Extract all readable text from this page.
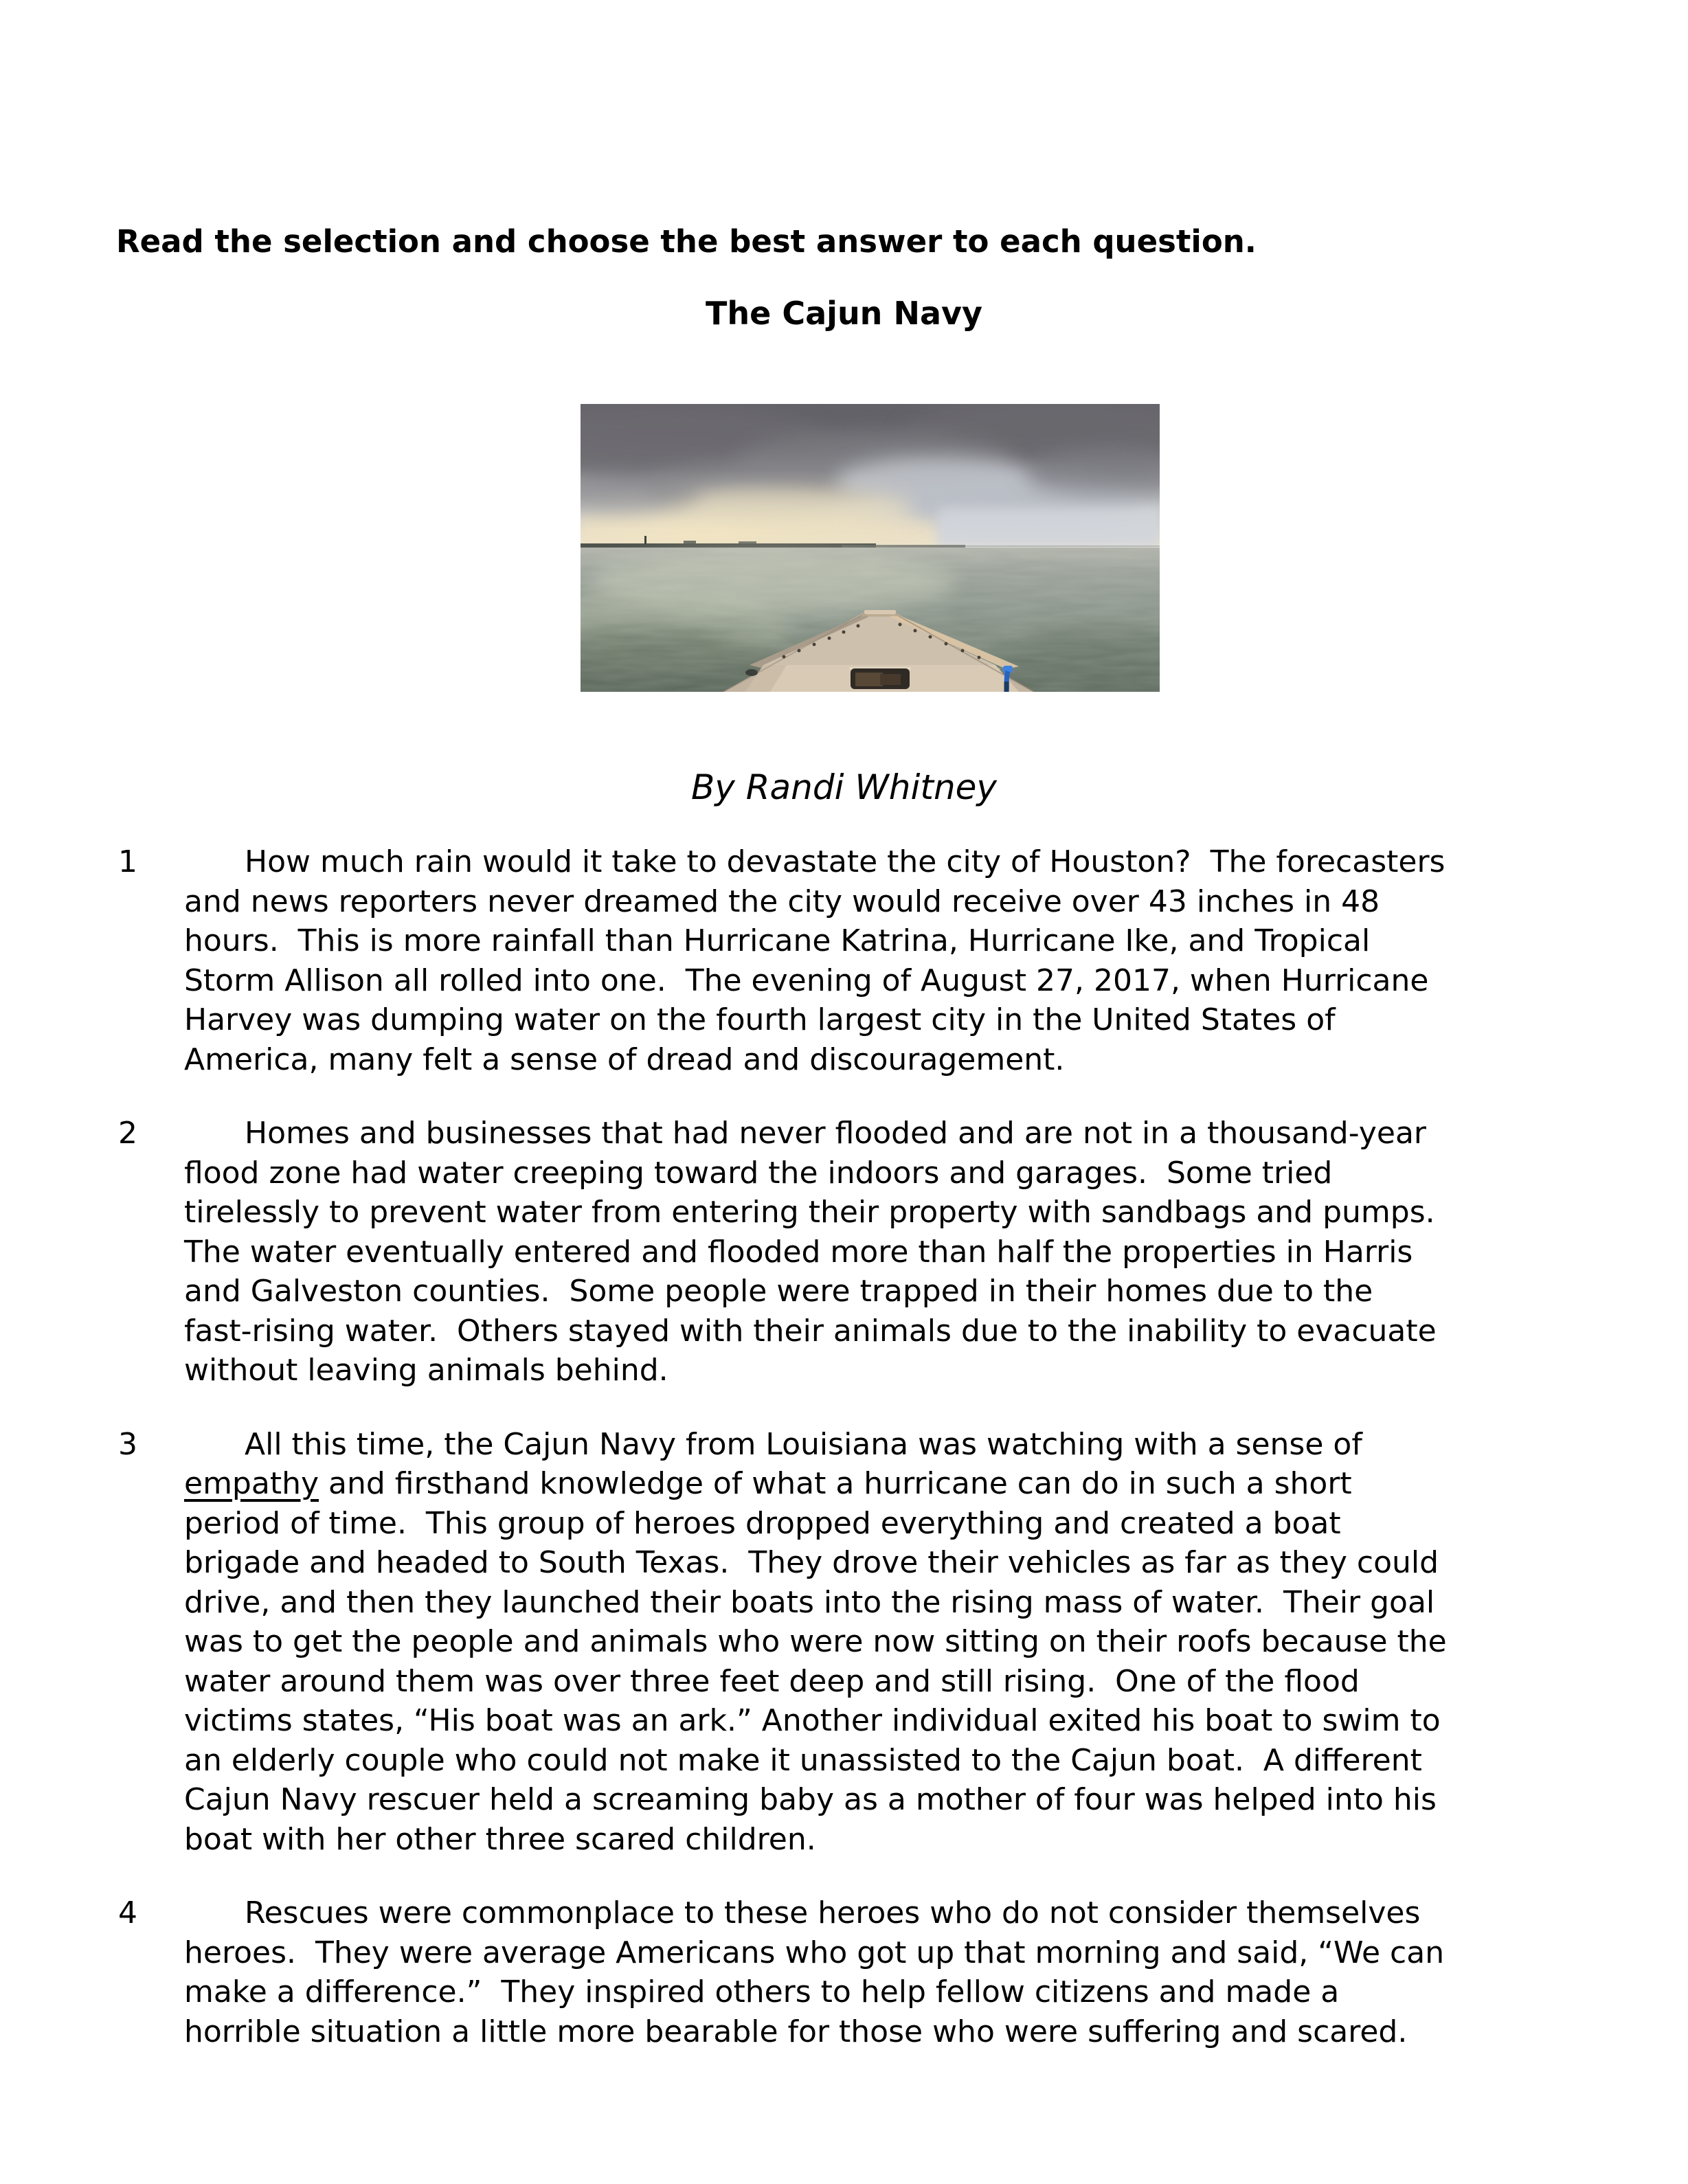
Read the selection and choose the best answer to each question.
The Cajun Navy
By Randi Whitney
1	How much rain would it take to devastate the city of Houston?  The forecasters
and news reporters never dreamed the city would receive over 43 inches in 48
hours.  This is more rainfall than Hurricane Katrina, Hurricane Ike, and Tropical
Storm Allison all rolled into one.  The evening of August 27, 2017, when Hurricane
Harvey was dumping water on the fourth largest city in the United States of
America, many felt a sense of dread and discouragement.
2	Homes and businesses that had never flooded and are not in a thousand-year
flood zone had water creeping toward the indoors and garages.  Some tried
tirelessly to prevent water from entering their property with sandbags and pumps.
The water eventually entered and flooded more than half the properties in Harris
and Galveston counties.  Some people were trapped in their homes due to the
fast-rising water.  Others stayed with their animals due to the inability to evacuate
without leaving animals behind.
3	All this time, the Cajun Navy from Louisiana was watching with a sense of
empathy and firsthand knowledge of what a hurricane can do in such a short
period of time.  This group of heroes dropped everything and created a boat
brigade and headed to South Texas.  They drove their vehicles as far as they could
drive, and then they launched their boats into the rising mass of water.  Their goal
was to get the people and animals who were now sitting on their roofs because the
water around them was over three feet deep and still rising.  One of the flood
victims states, “His boat was an ark.” Another individual exited his boat to swim to
an elderly couple who could not make it unassisted to the Cajun boat.  A different
Cajun Navy rescuer held a screaming baby as a mother of four was helped into his
boat with her other three scared children.
4	Rescues were commonplace to these heroes who do not consider themselves
heroes.  They were average Americans who got up that morning and said, “We can
make a difference.”  They inspired others to help fellow citizens and made a
horrible situation a little more bearable for those who were suffering and scared.
